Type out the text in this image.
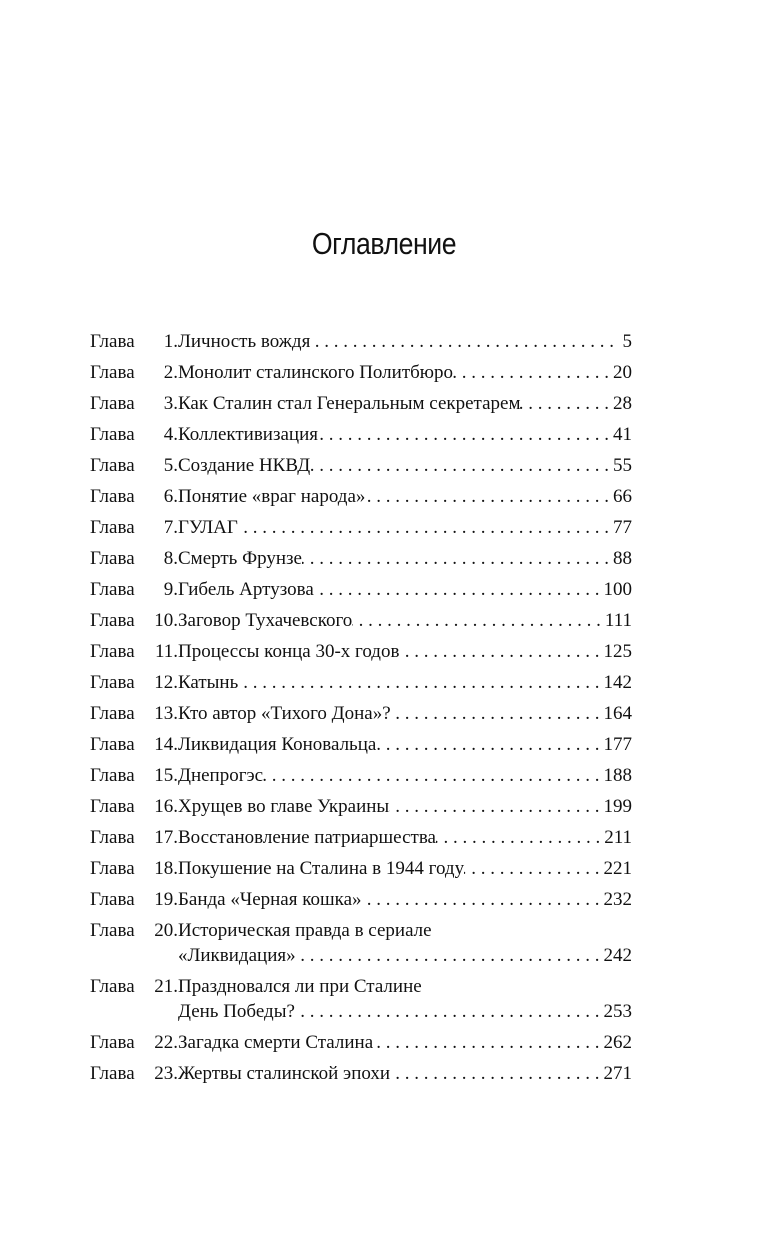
Оглавление
Глава	1. Личность вождя . . .	5
Глава	2. Монолит сталинского Политбюро . . .	20
Глава	3. Как Сталин стал Генеральным секретарем . . .	28
Глава	4. Коллективизация . . .	41
Глава	5. Создание НКВД . . .	55
Глава	6. Понятие «враг народа» . . .	66
Глава	7. ГУЛАГ . . .	77
Глава	8. Смерть Фрунзе . . .	88
Глава	9. Гибель Артузова . . .	100
Глава	10. Заговор Тухачевского . . .	111
Глава	11. Процессы конца 30-х годов . . .	125
Глава	12. Катынь . . .	142
Глава	13. Кто автор «Тихого Дона»? . . .	164
Глава	14. Ликвидация Коновальца . . .	177
Глава	15. Днепрогэс . . .	188
Глава	16. Хрущев во главе Украины . . .	199
Глава	17. Восстановление патриаршества . . .	211
Глава	18. Покушение на Сталина в 1944 году . . .	221
Глава	19. Банда «Черная кошка» . . .	232
Глава	20. Историческая правда в сериале
«Ликвидация» . . .	242
Глава	21. Праздновался ли при Сталине
День Победы? . . .	253
Глава	22. Загадка смерти Сталина . . .	262
Глава	23. Жертвы сталинской эпохи . . .	271
